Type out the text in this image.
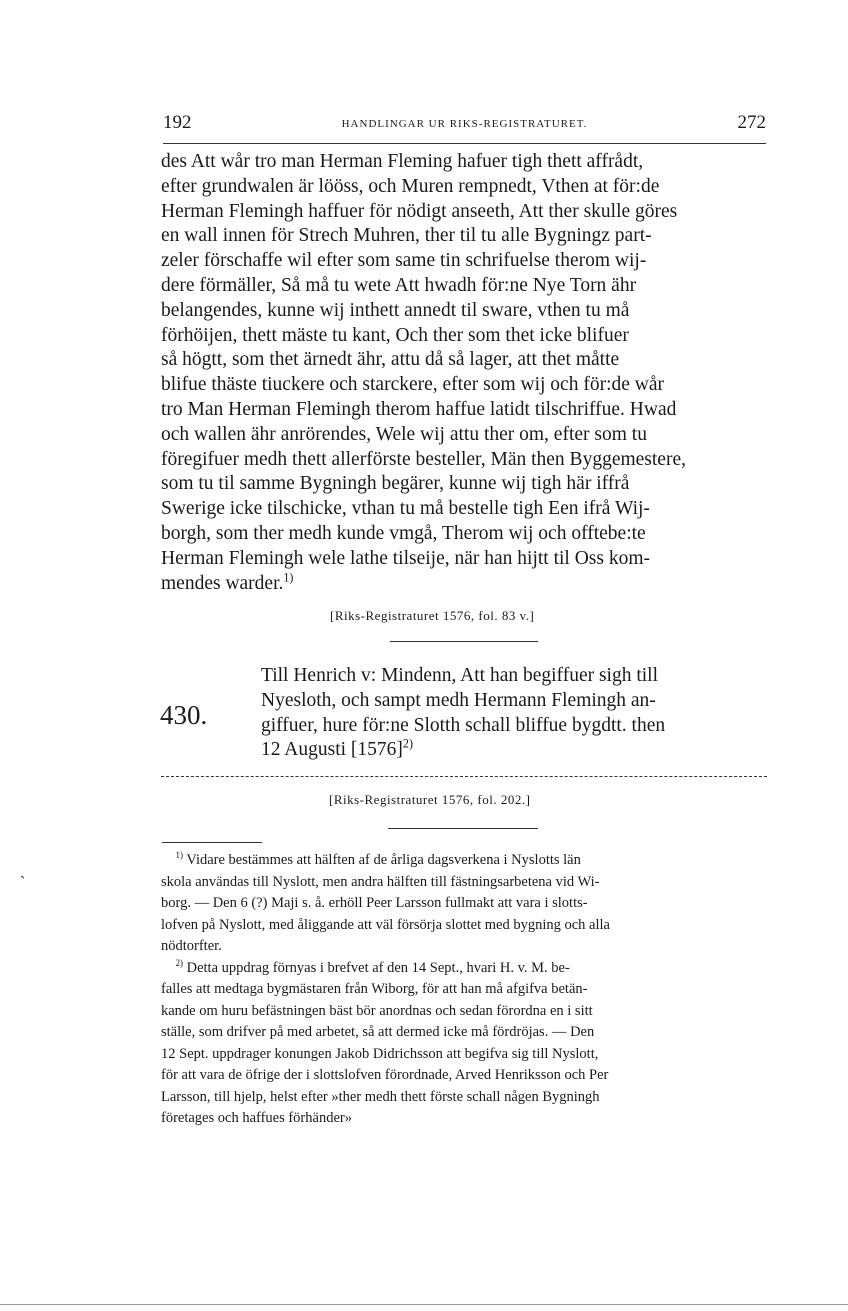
192	HANDLINGAR UR RIKS-REGISTRATURET.	272
des Att wår tro man Herman Fleming hafuer tigh thett affrådt,
efter grundwalen är lööss, och Muren rempnedt, Vthen at för:de
Herman Flemingh haffuer för nödigt anseeth, Att ther skulle göres
en wall innen för Strech Muhren, ther til tu alle Bygningz part-
zeler förschaffe wil efter som same tin schrifuelse therom wij-
dere förmäller, Så må tu wete Att hwadh för:ne Nye Torn ähr
belangendes, kunne wij inthett annedt til sware, vthen tu må
förhöijen, thett mäste tu kant, Och ther som thet icke blifuer
så högtt, som thet ärnedt ähr, attu då så lager, att thet måtte
blifue thäste tiuckere och starckere, efter som wij och för:de wår
tro Man Herman Flemingh therom haffue latidt tilschriffue. Hwad
och wallen ähr anrörendes, Wele wij attu ther om, efter som tu
föregifuer medh thett allerförste besteller, Män then Byggemestere,
som tu til samme Bygningh begärer, kunne wij tigh här iffrå
Swerige icke tilschicke, vthan tu må bestelle tigh Een ifrå Wij-
borgh, som ther medh kunde vmgå, Therom wij och offtebe:te
Herman Flemingh wele lathe tilseije, när han hijtt til Oss kom-
mendes warder.$^{1)}$
[Riks-Registraturet 1576, fol. 83 v.]
430.
Till Henrich v: Mindenn, Att han begiffuer sigh till
Nyesloth, och sampt medh Hermann Flemingh an-
giffuer, hure för:ne Slotth schall bliffue bygdtt. then
12 Augusti $[1576]^{2)}$
[Riks-Registraturet 1576, fol. 202.]
ˏ

 $^{1)}$ Vidare bestämmes att hälften af de årliga dagsverkena i Nyslotts län
skola användas till Nyslott, men andra hälften till fästningsarbetena vid Wi-
borg. — Den 6 (?) Maji s. å. erhöll Peer Larsson fullmakt att vara i slotts-
lofven på Nyslott, med åliggande att väl försörja slottet med bygning och alla
nödtorfter.

 $^{2)}$ Detta uppdrag förnyas i brefvet af den 14 Sept., hvari H. v. M. be-
falles att medtaga bygmästaren från Wiborg, för att han må afgifva betän-
kande om huru befästningen bäst bör anordnas och sedan förordna en i sitt
ställe, som drifver på med arbetet, så att dermed icke må fördröjas. — Den
12 Sept. uppdrager konungen Jakob Didrichsson att begifva sig till Nyslott,
för att vara de öfrige der i slottslofven förordnade, Arved Henriksson och Per
Larsson, till hjelp, helst efter »ther medh thett förste schall någen Bygningh
företages och haffues förhänder»
